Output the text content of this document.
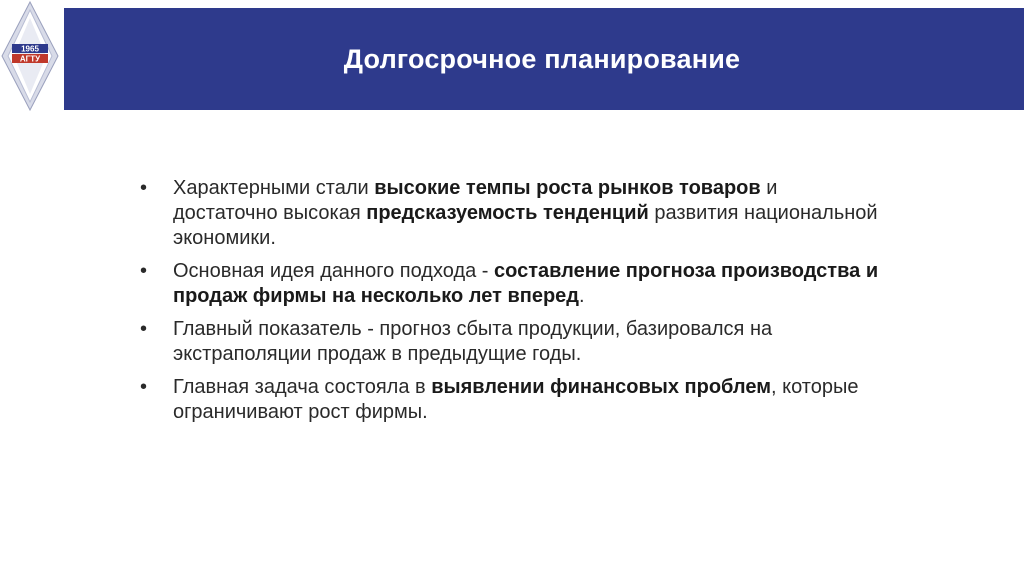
1965
АГТУ	Долгосрочное планирование
•	Характерными стали высокие темпы роста рынков товаров и достаточно высокая предсказуемость тенденций развития национальной экономики.
•	Основная идея данного подхода - составление прогноза производства и продаж фирмы на несколько лет вперед.
•	Главный показатель - прогноз сбыта продукции, базировался на экстраполяции продаж в предыдущие годы.
•	Главная задача состояла в выявлении финансовых проблем, которые ограничивают рост фирмы.
